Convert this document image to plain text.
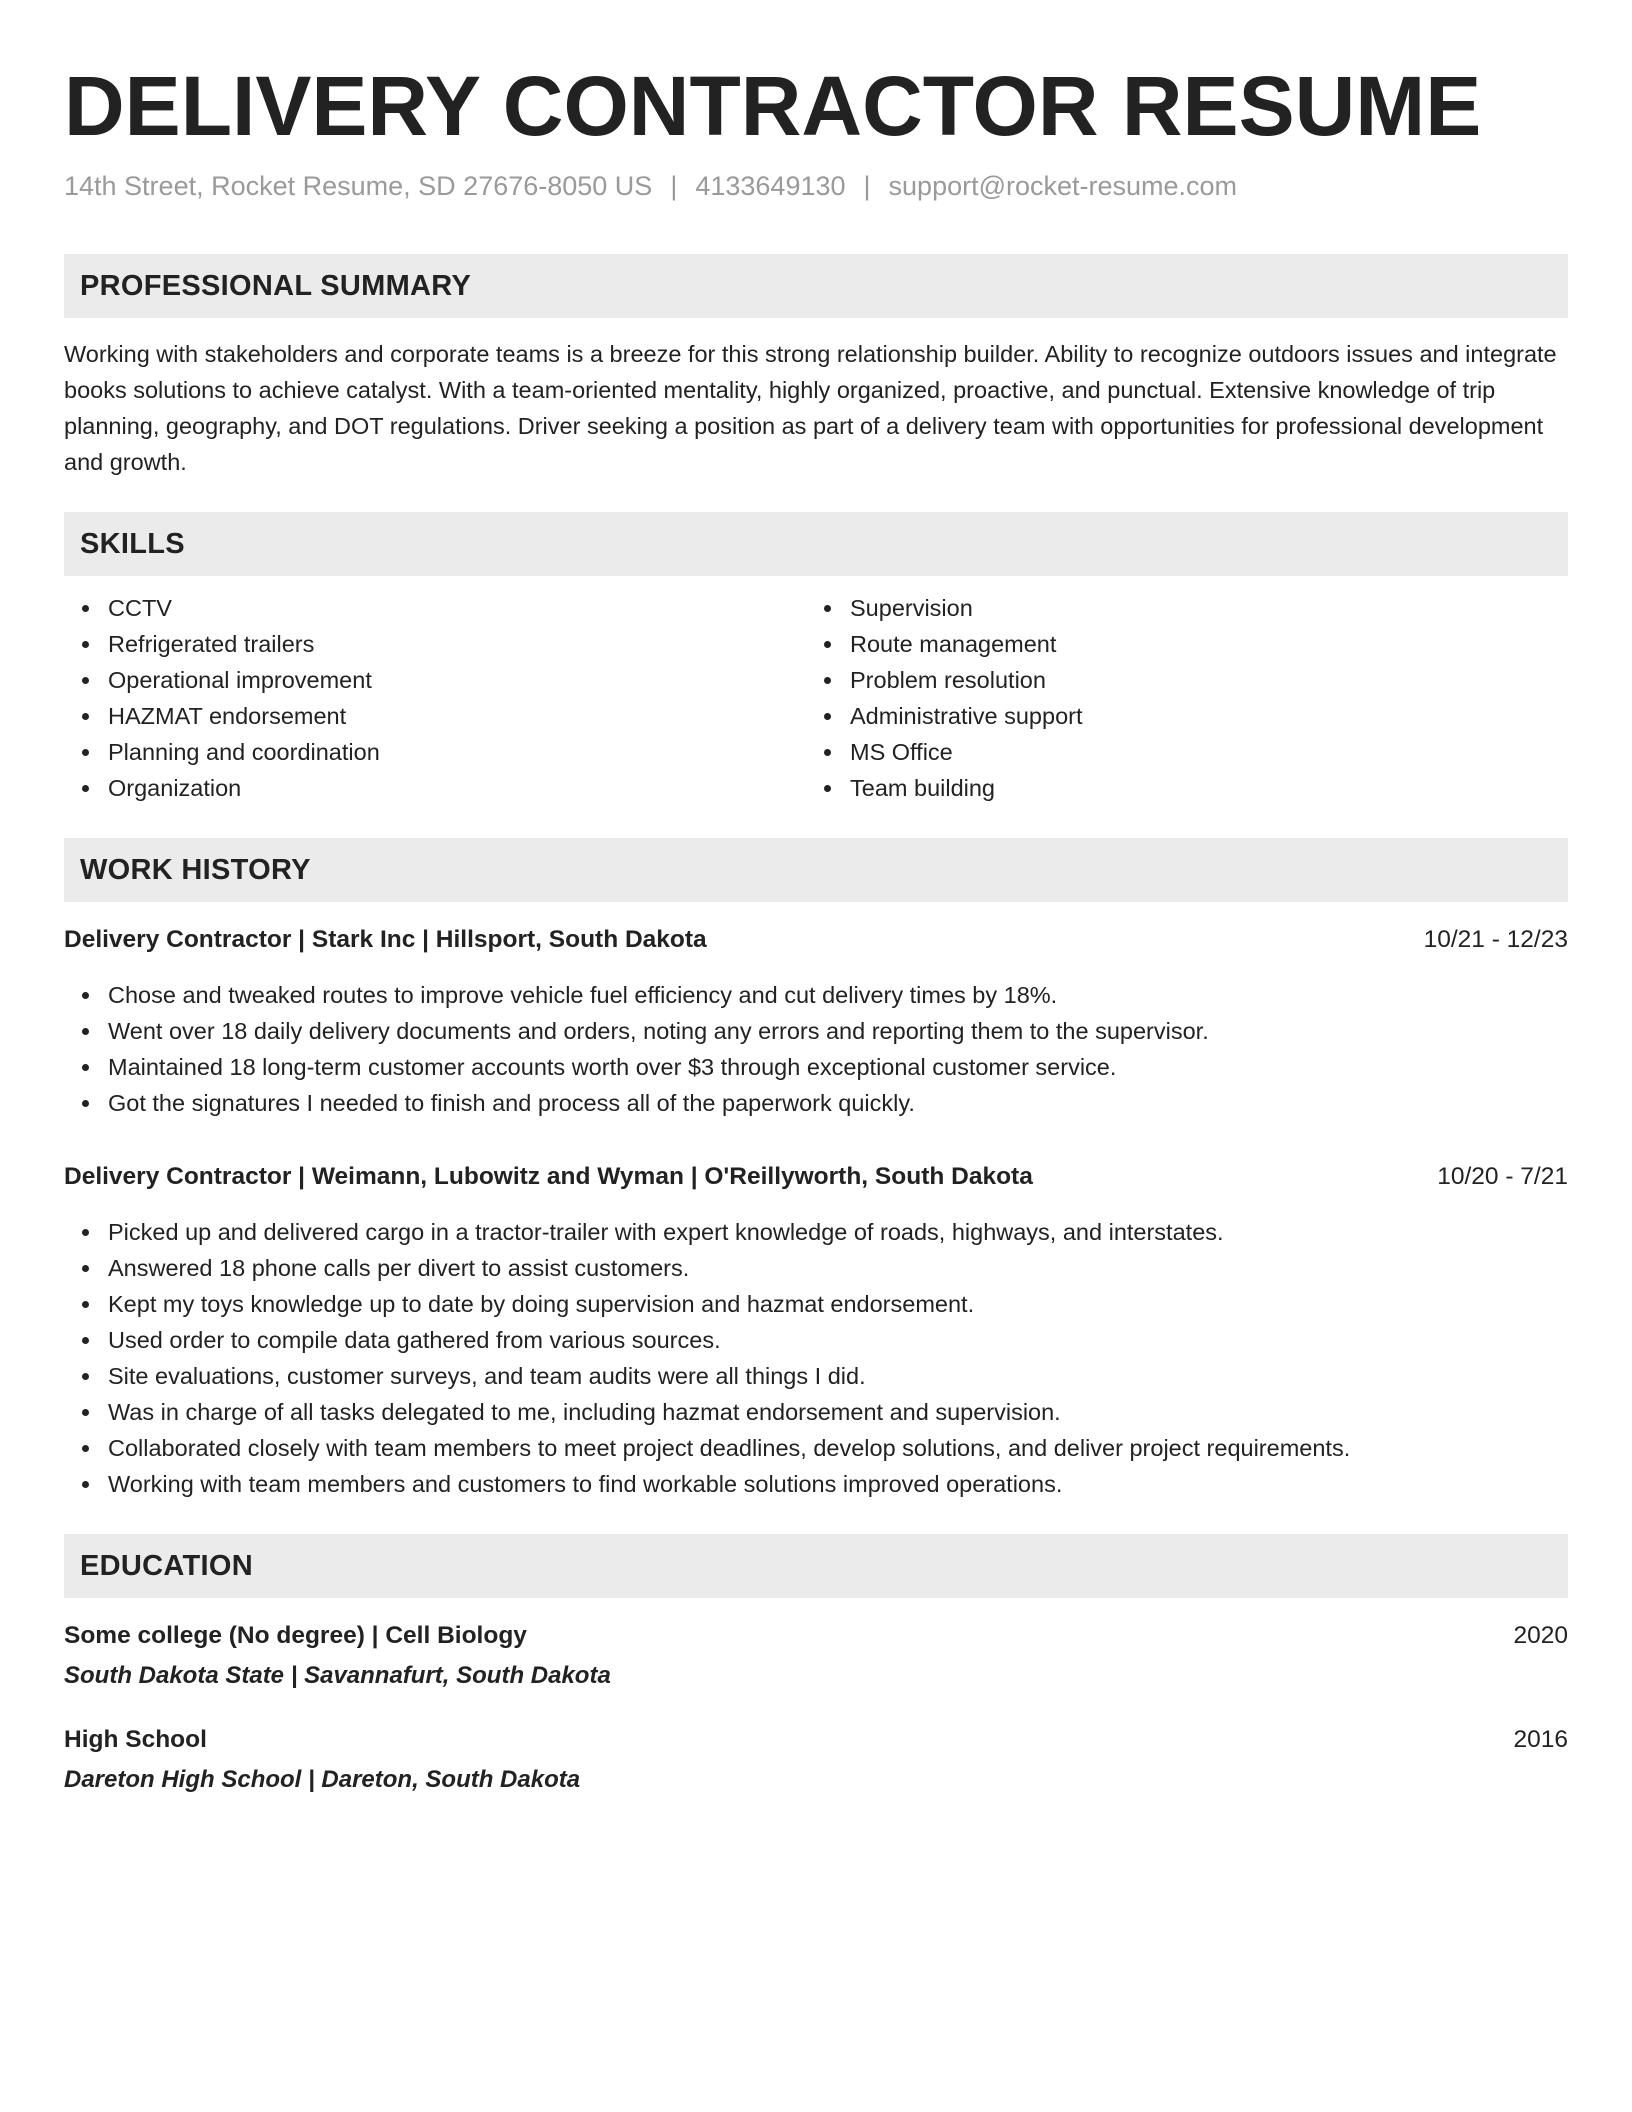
DELIVERY CONTRACTOR RESUME
14th Street, Rocket Resume, SD 27676-8050 US | 4133649130 | support@rocket-resume.com
PROFESSIONAL SUMMARY

Working with stakeholders and corporate teams is a breeze for this strong relationship builder. Ability to recognize outdoors issues and integrate books solutions to achieve catalyst. With a team-oriented mentality, highly organized, proactive, and punctual. Extensive knowledge of trip planning, geography, and DOT regulations. Driver seeking a position as part of a delivery team with opportunities for professional development and growth.

SKILLS
CCTV
Refrigerated trailers
Operational improvement
HAZMAT endorsement
Planning and coordination
Organization
Supervision
Route management
Problem resolution
Administrative support
MS Office
Team building
WORK HISTORY
Delivery Contractor | Stark Inc | Hillsport, South Dakota	10/21 - 12/23
Chose and tweaked routes to improve vehicle fuel efficiency and cut delivery times by 18%.
Went over 18 daily delivery documents and orders, noting any errors and reporting them to the supervisor.
Maintained 18 long-term customer accounts worth over $3 through exceptional customer service.
Got the signatures I needed to finish and process all of the paperwork quickly.
Delivery Contractor | Weimann, Lubowitz and Wyman | O'Reillyworth, South Dakota	10/20 - 7/21
Picked up and delivered cargo in a tractor-trailer with expert knowledge of roads, highways, and interstates.
Answered 18 phone calls per divert to assist customers.
Kept my toys knowledge up to date by doing supervision and hazmat endorsement.
Used order to compile data gathered from various sources.
Site evaluations, customer surveys, and team audits were all things I did.
Was in charge of all tasks delegated to me, including hazmat endorsement and supervision.
Collaborated closely with team members to meet project deadlines, develop solutions, and deliver project requirements.
Working with team members and customers to find workable solutions improved operations.
EDUCATION
Some college (No degree) | Cell Biology	2020
South Dakota State | Savannafurt, South Dakota
High School	2016
Dareton High School | Dareton, South Dakota
